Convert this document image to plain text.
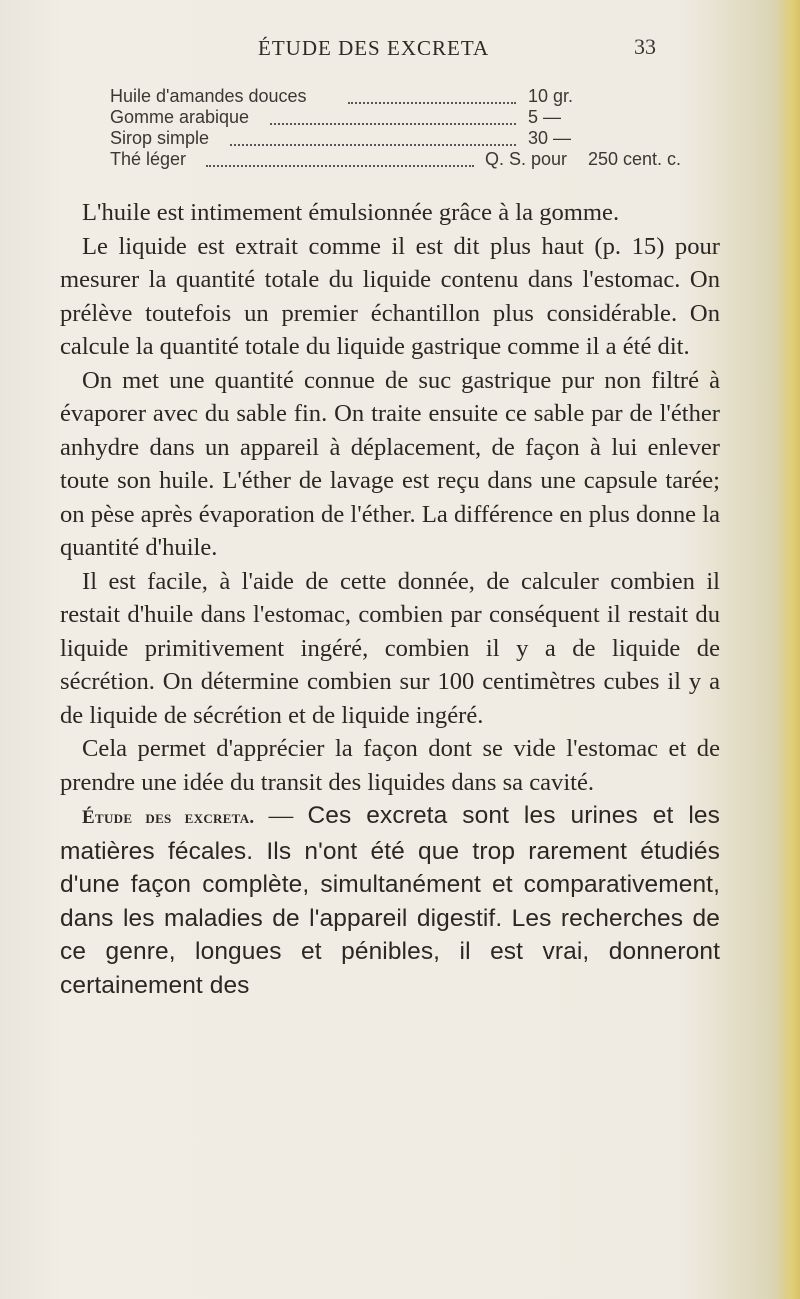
ÉTUDE DES EXCRETA	33
Huile d'amandes douces	10 gr.
Gomme arabique	5 —
Sirop simple	30 —
Thé léger	Q. S. pour 250 cent. c.

L'huile est intimement émulsionnée grâce à la gomme.

Le liquide est extrait comme il est dit plus haut (p. 15) pour mesurer la quantité totale du liquide contenu dans l'estomac. On prélève toutefois un premier échantillon plus considérable. On calcule la quantité totale du liquide gastrique comme il a été dit.

On met une quantité connue de suc gastrique pur non filtré à évaporer avec du sable fin. On traite ensuite ce sable par de l'éther anhydre dans un appareil à déplacement, de façon à lui enlever toute son huile. L'éther de lavage est reçu dans une capsule tarée; on pèse après évaporation de l'éther. La différence en plus donne la quantité d'huile.

Il est facile, à l'aide de cette donnée, de calculer combien il restait d'huile dans l'estomac, combien par conséquent il restait du liquide primitivement ingéré, combien il y a de liquide de sécrétion. On détermine combien sur 100 centimètres cubes il y a de liquide de sécrétion et de liquide ingéré.

Cela permet d'apprécier la façon dont se vide l'estomac et de prendre une idée du transit des liquides dans sa cavité.

Étude des excreta. — Ces excreta sont les urines et les matières fécales. Ils n'ont été que trop rarement étudiés d'une façon complète, simultanément et comparativement, dans les maladies de l'appareil digestif. Les recherches de ce genre, longues et pénibles, il est vrai, donneront certainement des
